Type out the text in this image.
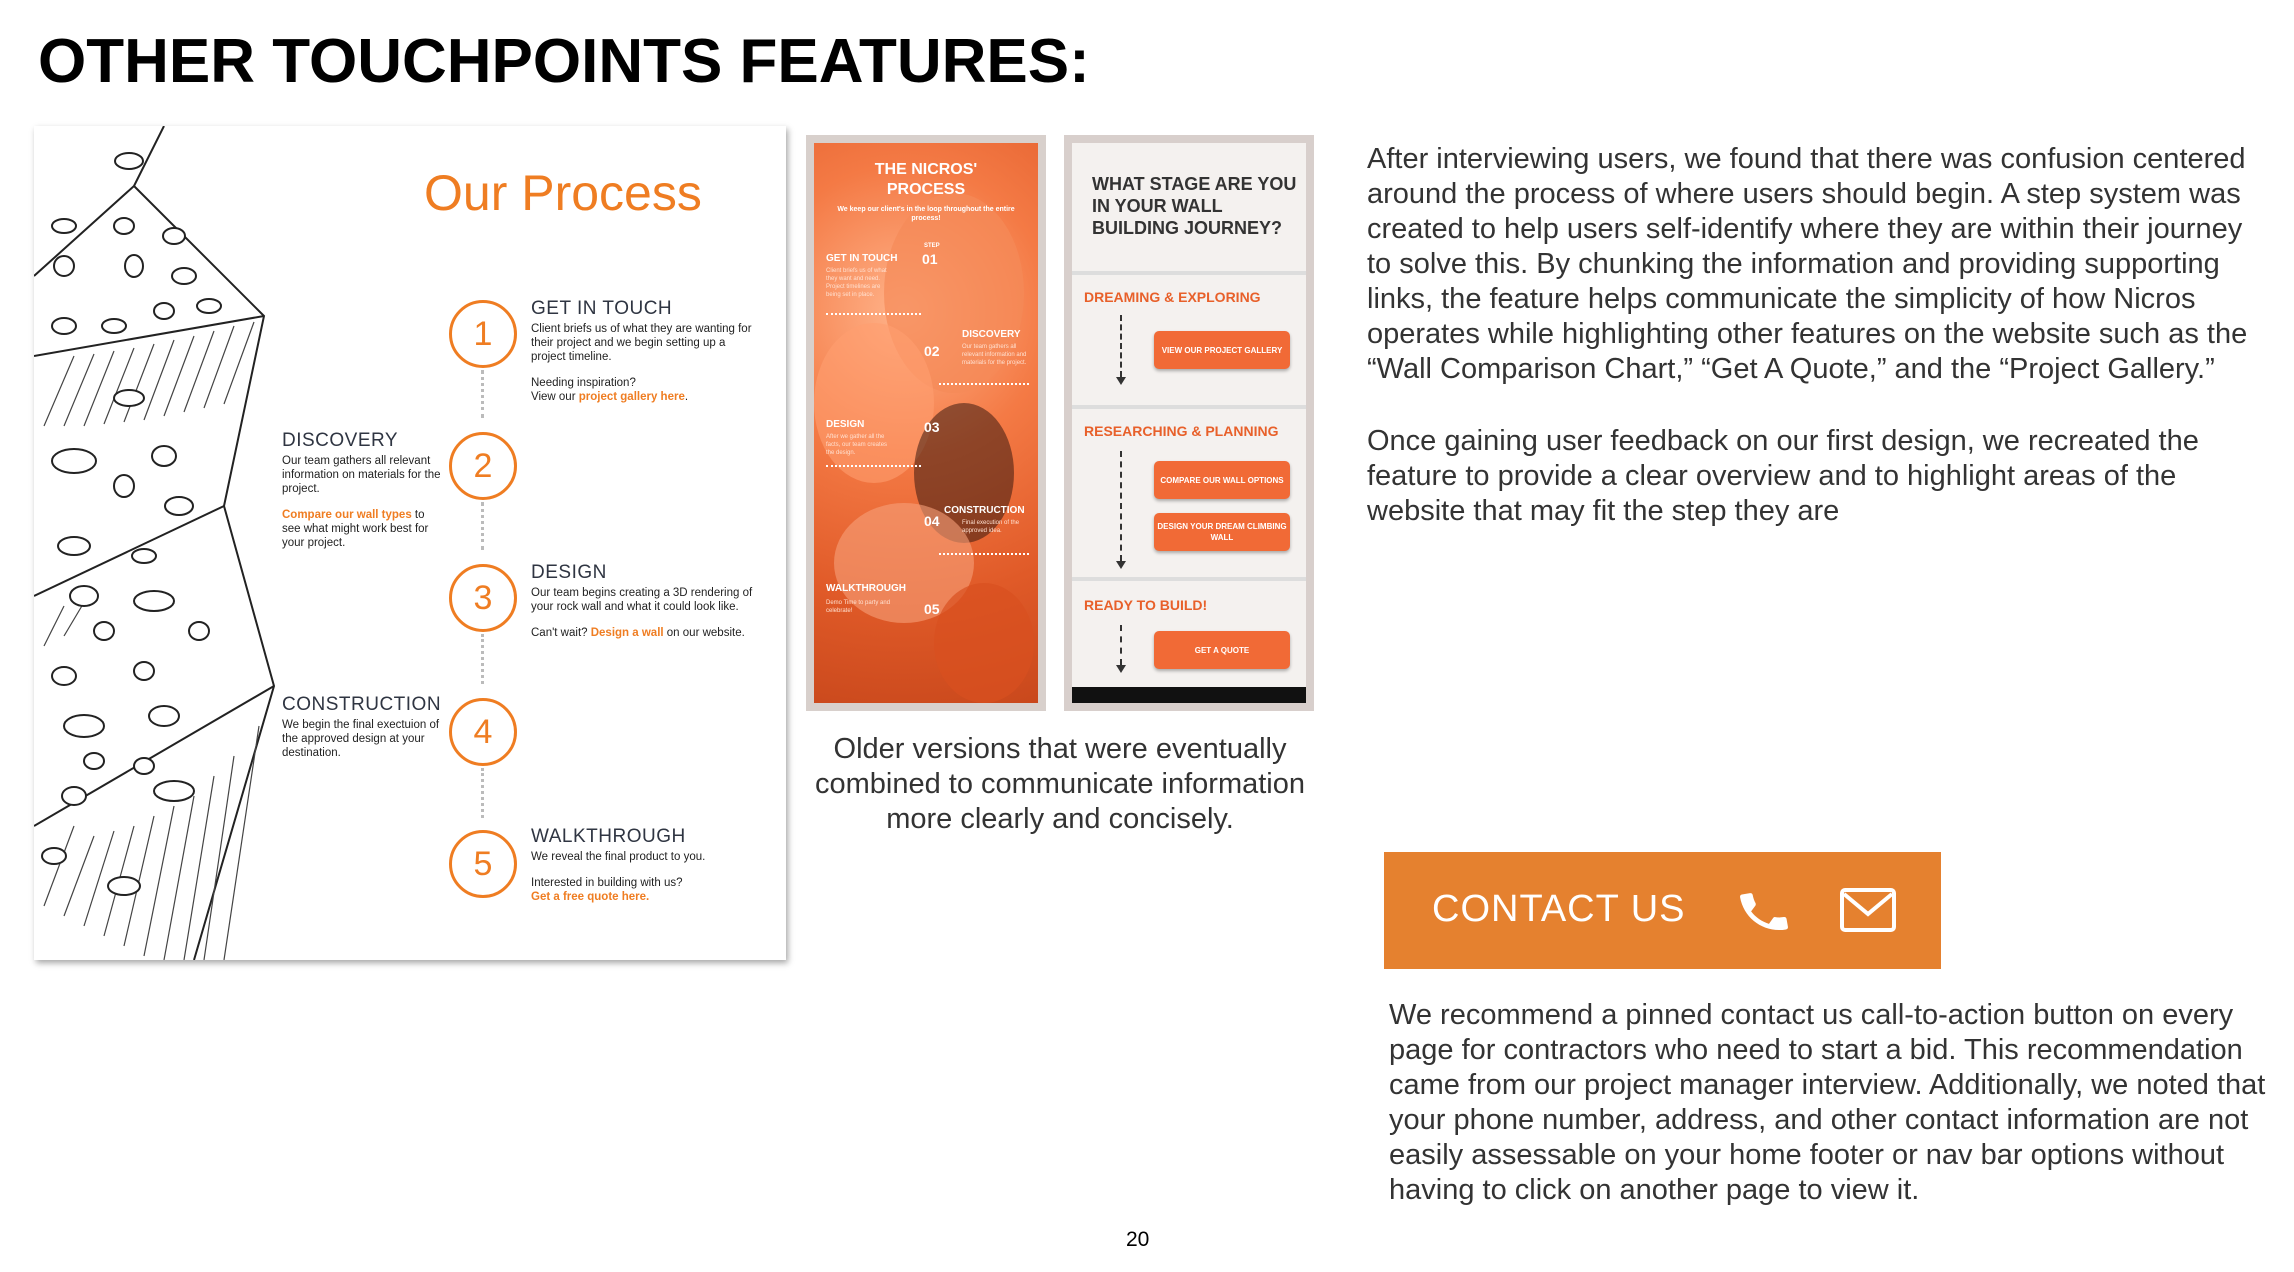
OTHER TOUCHPOINTS FEATURES:
Our Process
1
GET IN TOUCH
Client briefs us of what they are wanting for their project and we begin setting up a project timeline.
Needing inspiration?
View our project gallery here.
2
DISCOVERY
Our team gathers all relevant information on materials for the project.
Compare our wall types to see what might work best for your project.
3
DESIGN
Our team begins creating a 3D rendering of your rock wall and what it could look like.
Can't wait? Design a wall on our website.
4
CONSTRUCTION
We begin the final exectuion of the approved design at your destination.
5
WALKTHROUGH
We reveal the final product to you.
Interested in building with us?
Get a free quote here.
THE NICROS'
PROCESS
We keep our client's in the loop throughout the entire process!
GET IN TOUCH
STEP
01
Client briefs us of what they want and need. Project timelines are being set in place.
DISCOVERY
02	Our team gathers all relevant information and materials for the project.
DESIGN	03
After we gather all the facts, our team creates the design.
CONSTRUCTION
04	Final execution of the approved idea.
WALKTHROUGH
05
Demo Time to party and celebrate!
WHAT STAGE ARE YOU IN YOUR WALL BUILDING JOURNEY?
DREAMING & EXPLORING
VIEW OUR PROJECT GALLERY
RESEARCHING & PLANNING
COMPARE OUR WALL OPTIONS
DESIGN YOUR DREAM CLIMBING WALL
READY TO BUILD!
GET A QUOTE
Older versions that were eventually combined to communicate information more clearly and concisely.
After interviewing users, we found that there was confusion centered around the process of where users should begin. A step system was created to help users self-identify where they are within their journey to solve this. By chunking the information and providing supporting links, the feature helps communicate the simplicity of how Nicros operates while highlighting other features on the website such as the “Wall Comparison Chart,” “Get A Quote,” and the “Project Gallery.”
Once gaining user feedback on our first design, we recreated the feature to provide a clear overview and to highlight areas of the website that may fit the step they are
CONTACT US
We recommend a pinned contact us call-to-action button on every page for contractors who need to start a bid. This recommendation came from our project manager interview. Additionally, we noted that your phone number, address, and other contact information are not easily assessable on your home footer or nav bar options without having to click on another page to view it.
20
